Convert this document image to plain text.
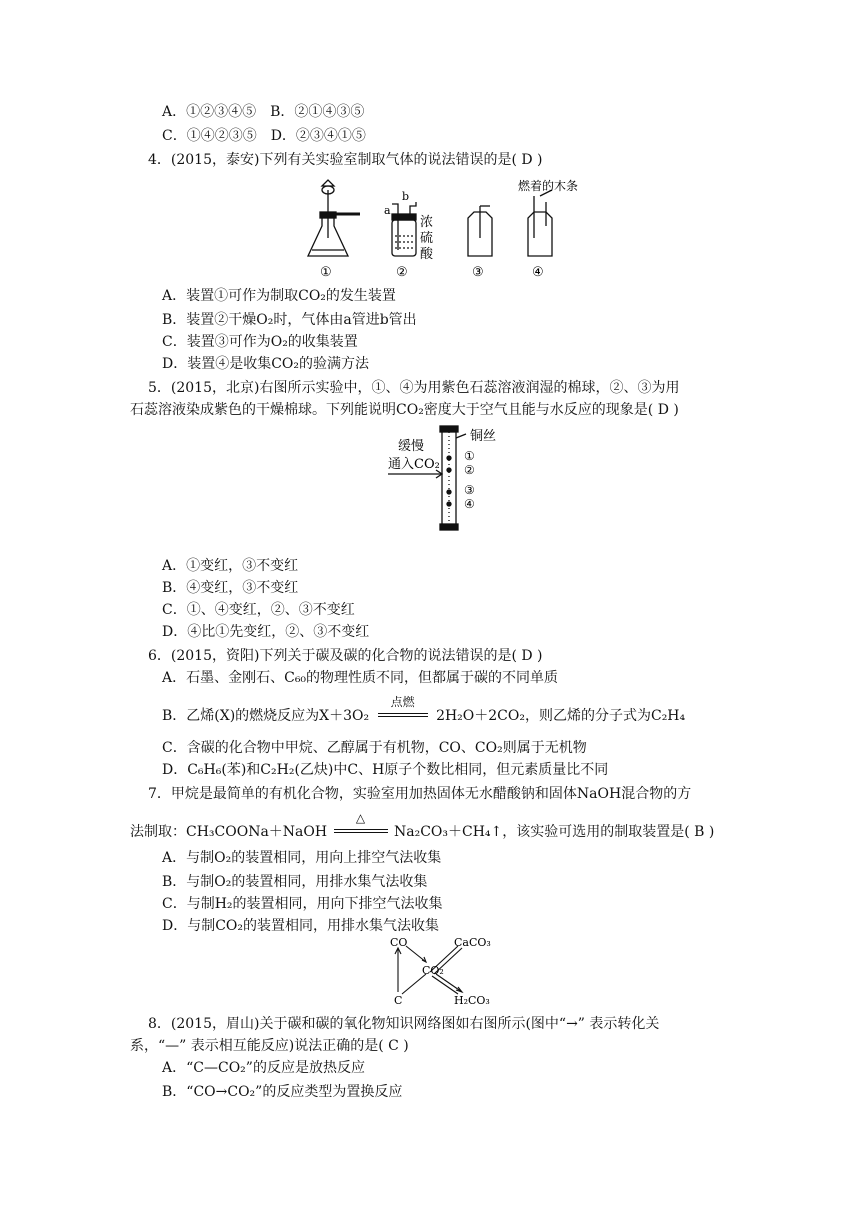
A．①②③④⑤　B．②①④③⑤
C．①④②③⑤　D．②③④①⑤
4．(2015，泰安)下列有关实验室制取气体的说法错误的是( D )
a
b
浓
硫
酸
燃着的木条
①	②	③	④
A．装置①可作为制取CO₂的发生装置
B．装置②干燥O₂时，气体由a管进b管出
C．装置③可作为O₂的收集装置
D．装置④是收集CO₂的验满方法
5．(2015，北京)右图所示实验中，①、④为用紫色石蕊溶液润湿的棉球，②、③为用
石蕊溶液染成紫色的干燥棉球。下列能说明CO₂密度大于空气且能与水反应的现象是( D )
缓慢
通入CO₂
铜丝
①
②
③
④
A．①变红，③不变红
B．④变红，③不变红
C．①、④变红，②、③不变红
D．④比①先变红，②、③不变红
6．(2015，资阳)下列关于碳及碳的化合物的说法错误的是( D )
A．石墨、金刚石、C₆₀的物理性质不同，但都属于碳的不同单质
B．乙烯(X)的燃烧反应为X＋3O₂
点燃
2H₂O＋2CO₂，则乙烯的分子式为C₂H₄
C．含碳的化合物中甲烷、乙醇属于有机物，CO、CO₂则属于无机物
D．C₆H₆(苯)和C₂H₂(乙炔)中C、H原子个数比相同，但元素质量比不同
7．甲烷是最简单的有机化合物，实验室用加热固体无水醋酸钠和固体NaOH混合物的方
法制取：CH₃COONa＋NaOH
△
Na₂CO₃＋CH₄↑，该实验可选用的制取装置是( B )
A．与制O₂的装置相同，用向上排空气法收集
B．与制O₂的装置相同，用排水集气法收集
C．与制H₂的装置相同，用向下排空气法收集
D．与制CO₂的装置相同，用排水集气法收集
CO	CaCO₃
CO₂
C	H₂CO₃
8．(2015，眉山)关于碳和碳的氧化物知识网络图如右图所示(图中“→” 表示转化关
系，“—” 表示相互能反应)说法正确的是( C )
A．“C—CO₂”的反应是放热反应
B．“CO→CO₂”的反应类型为置换反应
